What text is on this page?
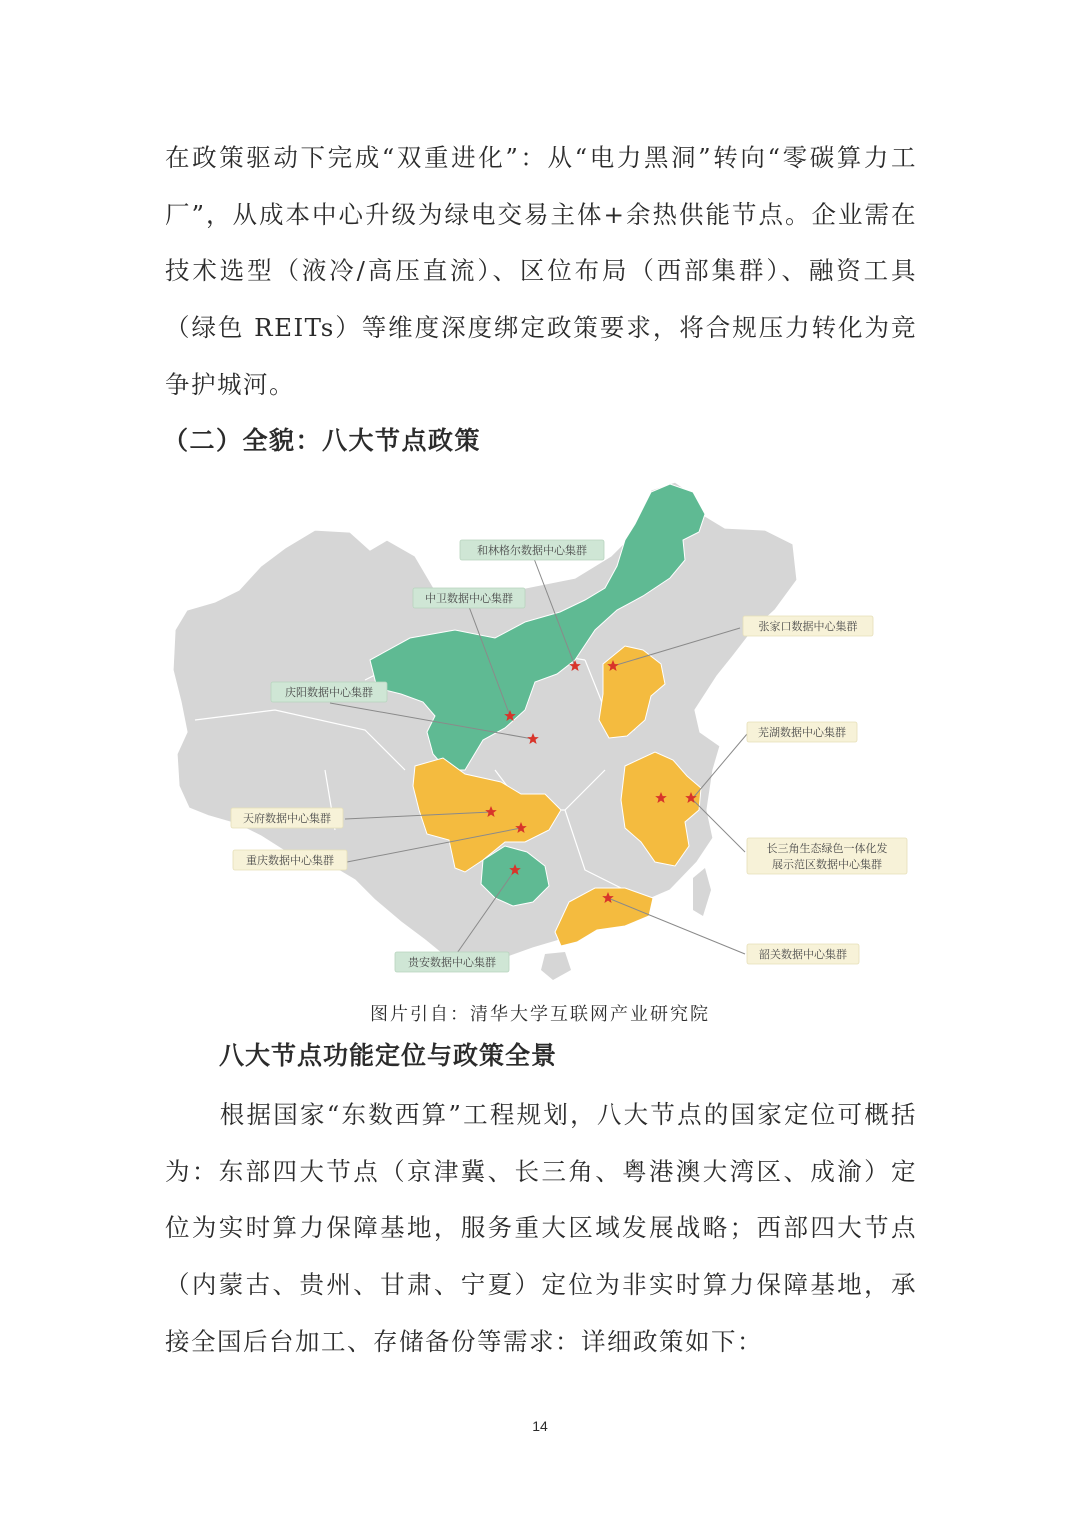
在政策驱动下完成“双重进化”：从“电力黑洞”转向“零碳算力工厂”，从成本中心升级为绿电交易主体+余热供能节点。企业需在技术选型（液冷/高压直流）、区位布局（西部集群）、融资工具（绿色 REITs）等维度深度绑定政策要求，将合规压力转化为竞争护城河。

（二）全貌：八大节点政策
和林格尔数据中心集群
中卫数据中心集群
张家口数据中心集群
庆阳数据中心集群
芜湖数据中心集群
天府数据中心集群
重庆数据中心集群
长三角生态绿色一体化发
展示范区数据中心集群
贵安数据中心集群
韶关数据中心集群
图片引自：清华大学互联网产业研究院
八大节点功能定位与政策全景

根据国家“东数西算”工程规划，八大节点的国家定位可概括为：东部四大节点（京津冀、长三角、粤港澳大湾区、成渝）定位为实时算力保障基地，服务重大区域发展战略；西部四大节点（内蒙古、贵州、甘肃、宁夏）定位为非实时算力保障基地，承接全国后台加工、存储备份等需求：详细政策如下：

14
